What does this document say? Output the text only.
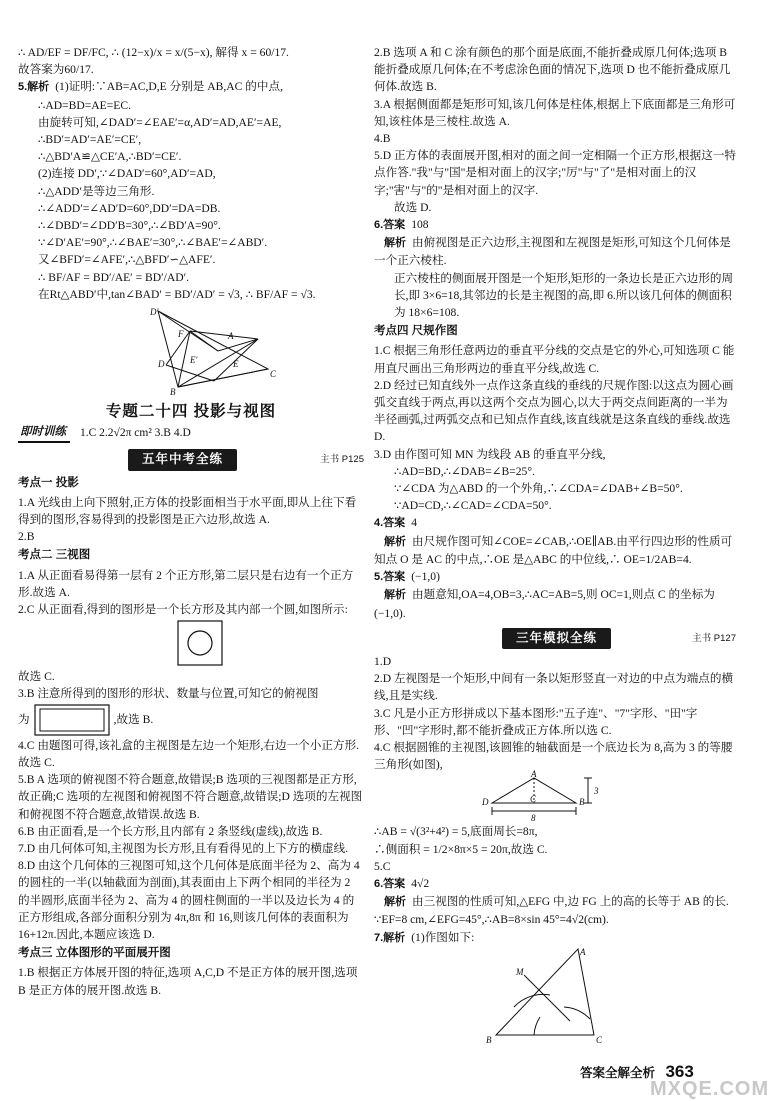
∴ AD/EF = DF/FC, ∴ (12−x)/x = x/(5−x), 解得 x = 60/17.

故答案为60/17.

5.解析 (1)证明:∵AB=AC,D,E 分别是 AB,AC 的中点,

∴AD=BD=AE=EC.

由旋转可知,∠DAD′=∠EAE′=α,AD′=AD,AE′=AE,

∴BD′=AD′=AE′=CE′,

∴△BD′A≌△CE′A,∴BD′=CE′.

(2)连接 DD′,∵∠DAD′=60°,AD′=AD,

∴△ADD′是等边三角形.

∴∠ADD′=∠AD′D=60°,DD′=DA=DB.

∴∠DBD′=∠DD′B=30°,∴∠BD′A=90°.

∵∠D′AE′=90°,∴∠BAE′=30°,∴∠BAE′=∠ABD′.

又∠BFD′=∠AFE′,∴△BFD′∽△AFE′.

∴ BF/AF = BD′/AE′ = BD′/AD′.

在Rt△ABD′中,tan∠BAD′ = BD′/AD′ = √3, ∴ BF/AF = √3.

D′
F
E′
A
D	E
B
C
专题二十四 投影与视图
即时训练	1.C 2.2√2π cm² 3.B 4.D
五年中考全练	主书 P125

考点一 投影

1.A 光线由上向下照射,正方体的投影面相当于水平面,即从上往下看得到的图形,容易得到的投影图是正六边形,故选 A.

2.B

考点二 三视图

1.A 从正面看易得第一层有 2 个正方形,第二层只是右边有一个正方形.故选 A.

2.C 从正面看,得到的图形是一个长方形及其内部一个圆,如图所示:

故选 C.

3.B 注意所得到的图形的形状、数量与位置,可知它的俯视图

为	,故选 B.

4.C 由题图可得,该礼盒的主视图是左边一个矩形,右边一个小正方形.故选 C.

5.B A 选项的俯视图不符合题意,故错误;B 选项的三视图都是正方形,故正确;C 选项的左视图和俯视图不符合题意,故错误;D 选项的左视图和俯视图不符合题意,故错误.故选 B.

6.B 由正面看,是一个长方形,且内部有 2 条竖线(虚线),故选 B.

7.D 由几何体可知,主视图为长方形,且有看得见的上下方的横虚线.

8.D 由这个几何体的三视图可知,这个几何体是底面半径为 2、高为 4 的圆柱的一半(以轴截面为剖面),其表面由上下两个相同的半径为 2 的半圆形,底面半径为 2、高为 4 的圆柱侧面的一半以及边长为 4 的正方形组成,各部分面积分别为 4π,8π 和 16,则该几何体的表面积为 16+12π.因此,本题应该选 D.

考点三 立体图形的平面展开图

1.B 根据正方体展开图的特征,选项 A,C,D 不是正方体的展开图,选项 B 是正方体的展开图.故选 B.

2.B 选项 A 和 C 涂有颜色的那个面是底面,不能折叠成原几何体;选项 B 能折叠成原几何体;在不考虑涂色面的情况下,选项 D 也不能折叠成原几何体.故选 B.

3.A 根据侧面都是矩形可知,该几何体是柱体,根据上下底面都是三角形可知,该柱体是三棱柱.故选 A.

4.B

5.D 正方体的表面展开图,相对的面之间一定相隔一个正方形,根据这一特点作答."我"与"国"是相对面上的汉字;"厉"与"了"是相对面上的汉字;"害"与"的"是相对面上的汉字.

故选 D.

6.答案 108

解析 由俯视图是正六边形,主视图和左视图是矩形,可知这个几何体是一个正六棱柱.

正六棱柱的侧面展开图是一个矩形,矩形的一条边长是正六边形的周长,即 3×6=18,其邻边的长是主视图的高,即 6.所以该几何体的侧面积为 18×6=108.

考点四 尺规作图

1.C 根据三角形任意两边的垂直平分线的交点是它的外心,可知选项 C 能用直尺画出三角形两边的垂直平分线,故选 C.

2.D 经过已知直线外一点作这条直线的垂线的尺规作图:以这点为圆心画弧交直线于两点,再以这两个交点为圆心,以大于两交点间距离的一半为半径画弧,过两弧交点和已知点作直线,该直线就是这条直线的垂线.故选 D.

3.D 由作图可知 MN 为线段 AB 的垂直平分线,

∴AD=BD,∴∠DAB=∠B=25°.

∵∠CDA 为△ABD 的一个外角,∴∠CDA=∠DAB+∠B=50°.

∵AD=CD,∴∠CAD=∠CDA=50°.

4.答案 4

解析 由尺规作图可知∠COE=∠CAB,∴OE∥AB.由平行四边形的性质可知点 O 是 AC 的中点,∴OE 是△ABC 的中位线,∴ OE=1/2AB=4.

5.答案 (−1,0)

解析 由题意知,OA=4,OB=3,∴AC=AB=5,则 OC=1,则点 C 的坐标为(−1,0).

三年模拟全练	主书 P127

1.D

2.D 左视图是一个矩形,中间有一条以矩形竖直一对边的中点为端点的横线,且是实线.

3.C 凡是小正方形拼成以下基本图形:"五子连"、"7"字形、"田"字形、"凹"字形时,都不能折叠成正方体.所以选 C.

4.C 根据圆锥的主视图,该圆锥的轴截面是一个底边长为 8,高为 3 的等腰三角形(如图),

A
D	C	B
3
8

∴AB = √(3²+4²) = 5,底面周长=8π,

∴侧面积 = 1/2×8π×5 = 20π,故选 C.

5.C

6.答案 4√2

解析 由三视图的性质可知,△EFG 中,边 FG 上的高的长等于 AB 的长.

∵EF=8 cm,∠EFG=45°,∴AB=8×sin 45°=4√2(cm).

7.解析 (1)作图如下:

A
M
B	C
答案全解全析 363
MXQE.COM
